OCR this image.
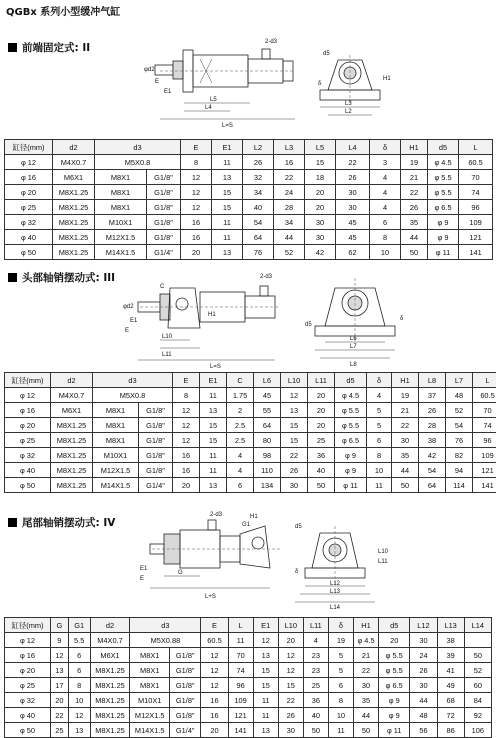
QGBx 系列小型缓冲气缸
前端固定式: II	2-d3
φd2
E1
E
L5
L4
L=S
L3
L2
H1
δ
d5
缸径(mm)	d2	d3		E	E1	L2	L3	L5	L4	δ	H1	d5	L
φ 12	M4X0.7	M5X0.8		8	11	26	16	15	22	3	19	φ 4.5	60.5
φ 16	M6X1	M8X1	G1/8"	12	13	32	22	18	26	4	21	φ 5.5	70
φ 20	M8X1.25	M8X1	G1/8"	12	15	34	24	20	30	4	22	φ 5.5	74
φ 25	M8X1.25	M8X1	G1/8"	12	15	40	28	20	30	4	26	φ 6.5	96
φ 32	M8X1.25	M10X1	G1/8"	16	11	54	34	30	45	6	35	φ 9	109
φ 40	M8X1.25	M12X1.5	G1/8"	16	11	64	44	30	45	8	44	φ 9	121
φ 50	M8X1.25	M14X1.5	G1/4"	20	13	76	52	42	62	10	50	φ 11	141
头部轴销摆动式: III	2-d3
φd2
E1
E
H1
C
L10
L11
L=S
d5
L6
L7
L8
δ
缸径(mm)	d2	d3		E	E1	C	L6	L10	L11	d5	δ	H1	L8	L7	L
φ 12	M4X0.7	M5X0.8		8	11	1.75	45	12	20	φ 4.5	4	19	37	48	60.5
φ 16	M6X1	M8X1	G1/8"	12	13	2	55	13	20	φ 5.5	5	21	26	52	70
φ 20	M8X1.25	M8X1	G1/8"	12	15	2.5	64	15	20	φ 5.5	5	22	28	54	74
φ 25	M8X1.25	M8X1	G1/8"	12	15	2.5	80	15	25	φ 6.5	6	30	38	76	96
φ 32	M8X1.25	M10X1	G1/8"	16	11	4	98	22	36	φ 9	8	35	42	82	109
φ 40	M8X1.25	M12X1.5	G1/8"	16	11	4	110	26	40	φ 9	10	44	54	94	121
φ 50	M8X1.25	M14X1.5	G1/4"	20	13	6	134	30	50	φ 11	11	50	64	114	141
尾部轴销摆动式: IV
2-d3	H1
G1
E1
E
G
L+S
d5
L10
L11
L12
L13
L14
δ
缸径(mm)	G	G1	d2	d3		E	L	E1	L10	L11	δ	H1	d5	L12	L13	L14
φ 12	9	5.5	M4X0.7	M5X0.88		60.5	11	12	20	4	19	φ 4.5	20	30	38	
φ 16	12	6	M6X1	M8X1	G1/8"	12	70	13	12	23	5	21	φ 5.5	24	39	50
φ 20	13	6	M8X1.25	M8X1	G1/8"	12	74	15	12	23	5	22	φ 5.5	26	41	52
φ 25	17	8	M8X1.25	M8X1	G1/8"	12	96	15	15	25	6	30	φ 6.5	30	49	60
φ 32	20	10	M8X1.25	M10X1	G1/8"	16	109	11	22	36	8	35	φ 9	44	68	84
φ 40	22	12	M8X1.25	M12X1.5	G1/8"	16	121	11	26	40	10	44	φ 9	48	72	92
φ 50	25	13	M8X1.25	M14X1.5	G1/4"	20	141	13	30	50	11	50	φ 11	56	86	106
